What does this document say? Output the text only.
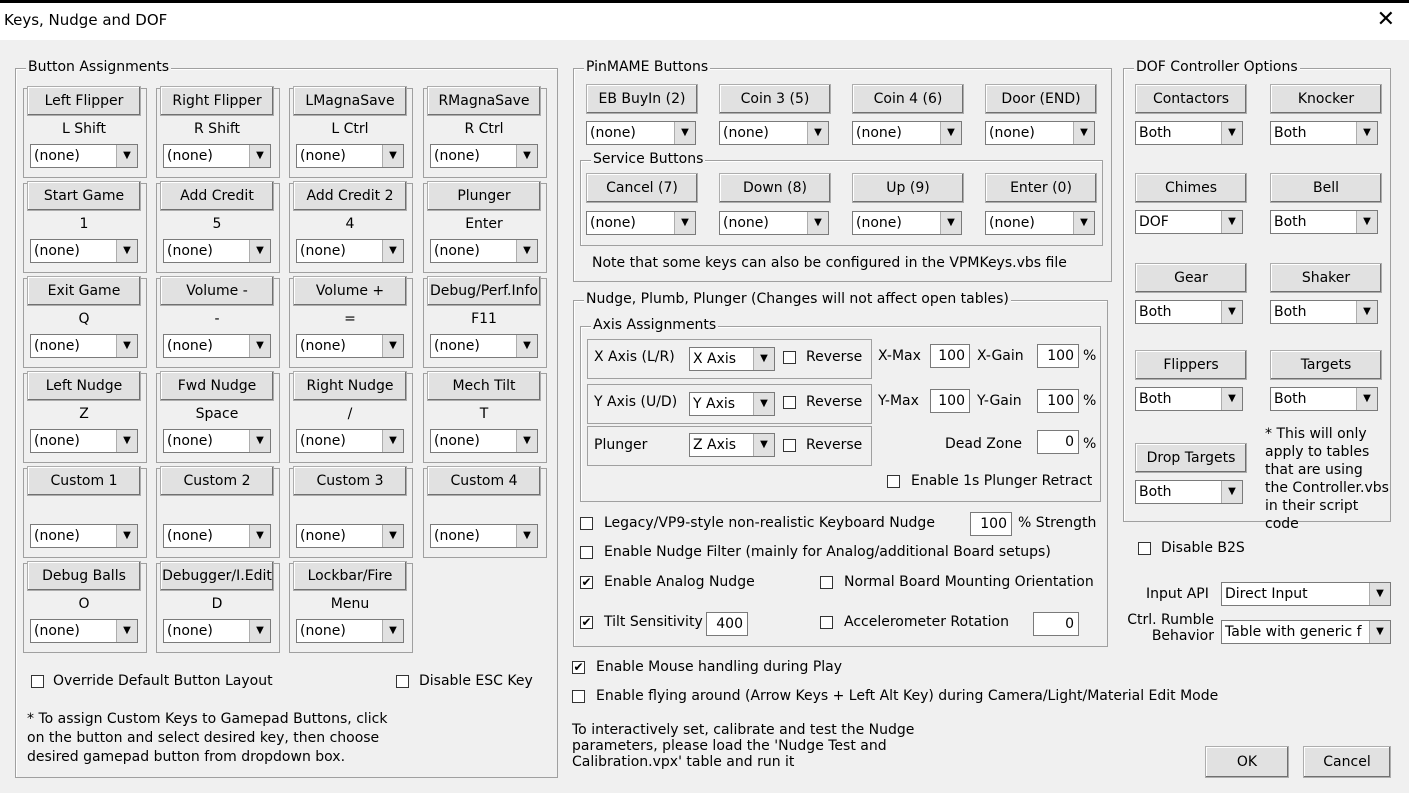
Keys, Nudge and DOF	✕
Button Assignments
Override Default Button Layout	Disable ESC Key
* To assign Custom Keys to Gamepad Buttons, click on the button and select desired key, then choose desired gamepad button from dropdown box.
PinMAME Buttons
Service Buttons
Note that some keys can also be configured in the VPMKeys.vbs file
Nudge, Plumb, Plunger (Changes will not affect open tables)
Axis Assignments
Plunger	Z Axis	▼	Reverse	Dead Zone	0 %
Enable 1s Plunger Retract
Legacy/VP9-style non-realistic Keyboard Nudge	100 % Strength
Enable Nudge Filter (mainly for Analog/additional Board setups)
✔ Enable Analog Nudge	Normal Board Mounting Orientation
✔ Tilt Sensitivity 400	Accelerometer Rotation	0
✔ Enable Mouse handling during Play
Enable flying around (Arrow Keys + Left Alt Key) during Camera/Light/Material Edit Mode
To interactively set, calibrate and test the Nudge parameters, please load the 'Nudge Test and Calibration.vpx' table and run it
DOF Controller Options
* This will only apply to tables that are using the Controller.vbs in their script code
Disable B2S
Input API Direct Input	▼
Ctrl. Rumble Behavior Table with generic f	▼
OK	Cancel
Left Flipper
L Shift
(none)	▼
Right Flipper
R Shift
(none)	▼
LMagnaSave
L Ctrl
(none)	▼
RMagnaSave
R Ctrl
(none)	▼
Start Game
1
(none)	▼
Add Credit
5
(none)	▼
Add Credit 2
4
(none)	▼
Plunger
Enter
(none)	▼
Exit Game
Q
(none)	▼
Volume -
-
(none)	▼
Volume +
=
(none)	▼
Debug/Perf.Info
F11
(none)	▼
Left Nudge
Z
(none)	▼
Fwd Nudge
Space
(none)	▼
Right Nudge
/
(none)	▼
Mech Tilt
T
(none)	▼
Custom 1
(none)	▼
Custom 2
(none)	▼
Custom 3
(none)	▼
Custom 4
(none)	▼
Debug Balls
O
(none)	▼
Debugger/I.Edit
D
(none)	▼
Lockbar/Fire
Menu
(none)	▼
EB BuyIn (2)
(none)	▼
Coin 3 (5)
(none)	▼
Coin 4 (6)
(none)	▼
Door (END)
(none)	▼
Cancel (7)
(none)	▼
Down (8)
(none)	▼
Up (9)
(none)	▼
Enter (0)
(none)	▼
X Axis (L/R) X Axis	▼	Reverse X-Max	100 X-Gain	100 %
Y Axis (U/D) Y Axis	▼	Reverse Y-Max	100 Y-Gain	100 %
Contactors
Both	▼
Knocker
Both	▼
Chimes
DOF	▼
Bell
Both	▼
Gear
Both	▼
Shaker
Both	▼
Flippers
Both	▼
Targets
Both	▼
Drop Targets
Both	▼
